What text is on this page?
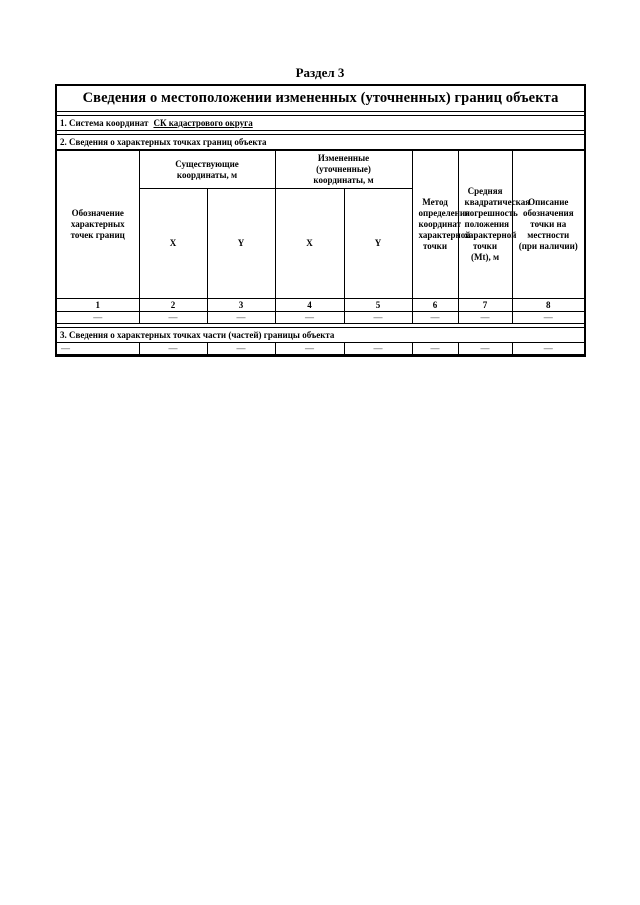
Раздел 3
Сведения о местоположении измененных (уточненных) границ объекта
1. Система координат СК кадастрового округа
2. Сведения о характерных точках границ объекта
Обозначение характерных точек границ	Существующие координаты, м		Измененные (уточненные) координаты, м		Метод определения координат характерной точки	Средняя квадратическая погрешность положения характерной точки (Mt), м	Описание обозначения точки на местности (при наличии)
	X	Y	X	Y			
1	2	3	4	5	6	7	8
—	—	—	—	—	—	—	—
3. Сведения о характерных точках части (частей) границы объекта
—	—	—	—	—	—	—	—
